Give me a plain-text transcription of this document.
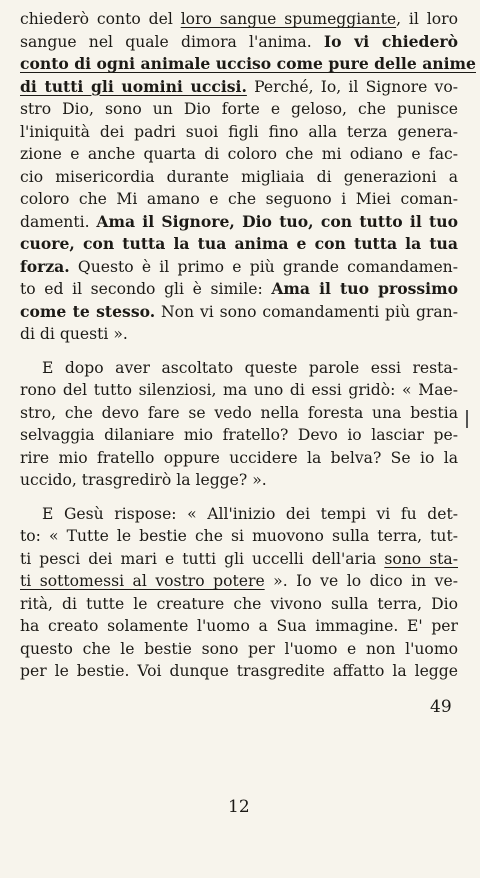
chiederò conto del loro sangue spumeggiante, il loro
sangue nel quale dimora l'anima. Io vi chiederò
conto di ogni animale ucciso come pure delle anime
di tutti gli uomini uccisi. Perché, Io, il Signore vo-
stro Dio, sono un Dio forte e geloso, che punisce
l'iniquità dei padri suoi figli fino alla terza genera-
zione e anche quarta di coloro che mi odiano e fac-
cio misericordia durante migliaia di generazioni a
coloro che Mi amano e che seguono i Miei coman-
damenti. Ama il Signore, Dio tuo, con tutto il tuo
cuore, con tutta la tua anima e con tutta la tua
forza. Questo è il primo e più grande comandamen-
to ed il secondo gli è simile: Ama il tuo prossimo
come te stesso. Non vi sono comandamenti più gran-
di di questi ».
E dopo aver ascoltato queste parole essi resta-
rono del tutto silenziosi, ma uno di essi gridò: « Mae-
stro, che devo fare se vedo nella foresta una bestia
selvaggia dilaniare mio fratello? Devo io lasciar pe-
rire mio fratello oppure uccidere la belva? Se io la
uccido, trasgredirò la legge? ».
E Gesù rispose: « All'inizio dei tempi vi fu det-
to: « Tutte le bestie che si muovono sulla terra, tut-
ti pesci dei mari e tutti gli uccelli dell'aria sono sta-
ti sottomessi al vostro potere ». Io ve lo dico in ve-
rità, di tutte le creature che vivono sulla terra, Dio
ha creato solamente l'uomo a Sua immagine. E' per
questo che le bestie sono per l'uomo e non l'uomo
per le bestie. Voi dunque trasgredite affatto la legge
49
12
